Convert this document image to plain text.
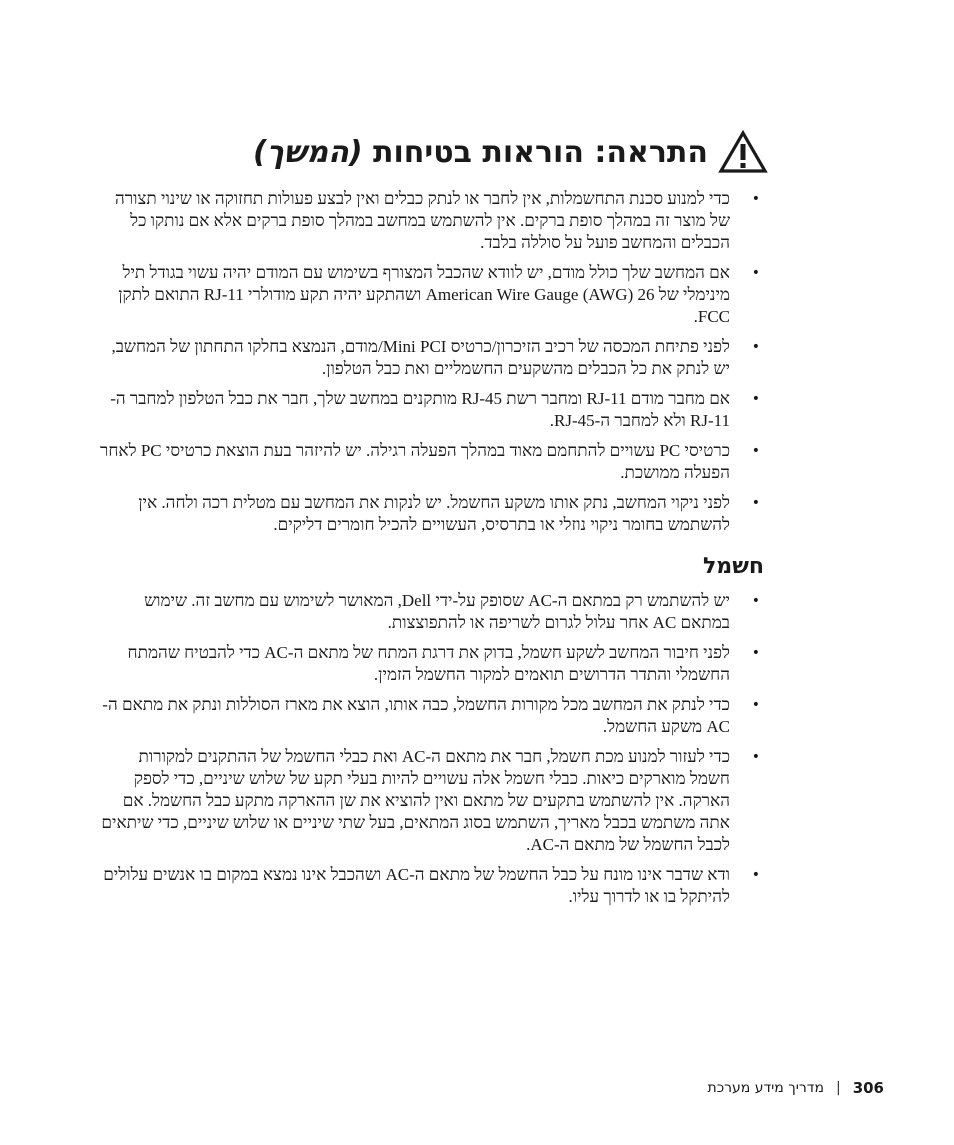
התראה: הוראות בטיחות (המשך)
•
כדי למנוע סכנת התחשמלות, אין לחבר או לנתק כבלים ואין לבצע פעולות תחזוקה או שינוי תצורה של מוצר זה במהלך סופת ברקים. אין להשתמש במחשב במהלך סופת ברקים אלא אם נותקו כל הכבלים והמחשב פועל על סוללה בלבד.
•
אם המחשב שלך כולל מודם, יש לוודא שהכבל המצורף בשימוש עם המודם יהיה עשוי בגודל תיל מינימלי של 26 American Wire Gauge (AWG) ושהתקע יהיה תקע מודולרי RJ-11 התואם לתקן FCC.
•
לפני פתיחת המכסה של רכיב הזיכרון/כרטיס Mini PCI/מודם, הנמצא בחלקו התחתון של המחשב, יש לנתק את כל הכבלים מהשקעים החשמליים ואת כבל הטלפון.
•
אם מחבר מודם RJ-11 ומחבר רשת RJ-45 מותקנים במחשב שלך, חבר את כבל הטלפון למחבר ה-RJ-11 ולא למחבר ה-RJ-45.
•
כרטיסי PC עשויים להתחמם מאוד במהלך הפעלה רגילה. יש להיזהר בעת הוצאת כרטיסי PC לאחר הפעלה ממושכת.
•
לפני ניקוי המחשב, נתק אותו משקע החשמל. יש לנקות את המחשב עם מטלית רכה ולחה. אין להשתמש בחומר ניקוי נוזלי או בתרסיס, העשויים להכיל חומרים דליקים.
חשמל
•
יש להשתמש רק במתאם ה-AC שסופק על-ידי Dell, המאושר לשימוש עם מחשב זה. שימוש במתאם AC אחר עלול לגרום לשריפה או להתפוצצות.
•
לפני חיבור המחשב לשקע חשמל, בדוק את דרגת המתח של מתאם ה-AC כדי להבטיח שהמתח החשמלי והתדר הדרושים תואמים למקור החשמל הזמין.
•
כדי לנתק את המחשב מכל מקורות החשמל, כבה אותו, הוצא את מארז הסוללות ונתק את מתאם ה-AC משקע החשמל.
•
כדי לעזור למנוע מכת חשמל, חבר את מתאם ה-AC ואת כבלי החשמל של ההתקנים למקורות חשמל מוארקים כיאות. כבלי חשמל אלה עשויים להיות בעלי תקע של שלוש שיניים, כדי לספק הארקה. אין להשתמש בתקעים של מתאם ואין להוציא את שן ההארקה מתקע כבל החשמל. אם אתה משתמש בכבל מאריך, השתמש בסוג המתאים, בעל שתי שיניים או שלוש שיניים, כדי שיתאים לכבל החשמל של מתאם ה-AC.
•
ודא שדבר אינו מונח על כבל החשמל של מתאם ה-AC ושהכבל אינו נמצא במקום בו אנשים עלולים להיתקל בו או לדרוך עליו.
306
|
מדריך מידע מערכת
